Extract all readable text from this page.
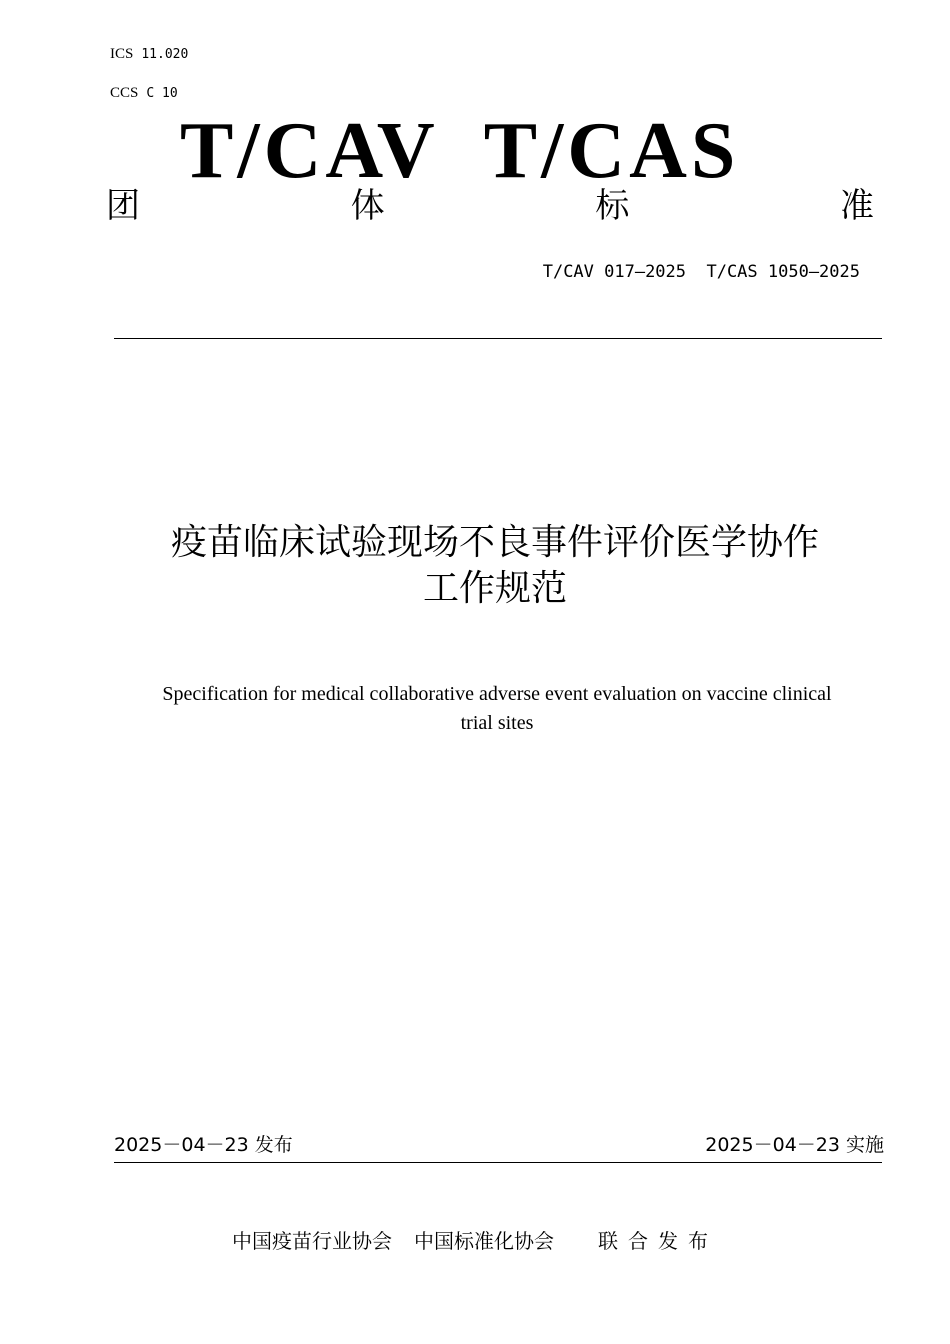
ICS 11.020
CCS C 10
T/CAV  T/CAS
团	体	标	准
T/CAV 017—2025  T/CAS 1050—2025
疫苗临床试验现场不良事件评价医学协作
工作规范
Specification for medical collaborative adverse event evaluation on vaccine clinical
trial sites
2025－04－23 发布	2025－04－23 实施
中国疫苗行业协会 中国标准化协会 联合发布
